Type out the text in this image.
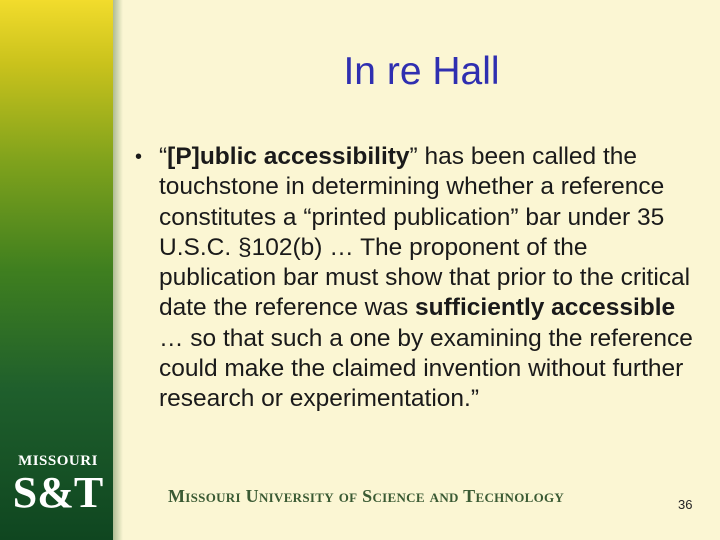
In re Hall
• “[P]ublic accessibility” has been called the touchstone in determining whether a reference constitutes a “printed publication” bar under 35 U.S.C. §102(b) … The proponent of the publication bar must show that prior to the critical date the reference was sufficiently accessible … so that such a one by examining the reference could make the claimed invention without further research or experimentation.”
MISSOURI
S&T	Missouri University of Science and Technology	36
